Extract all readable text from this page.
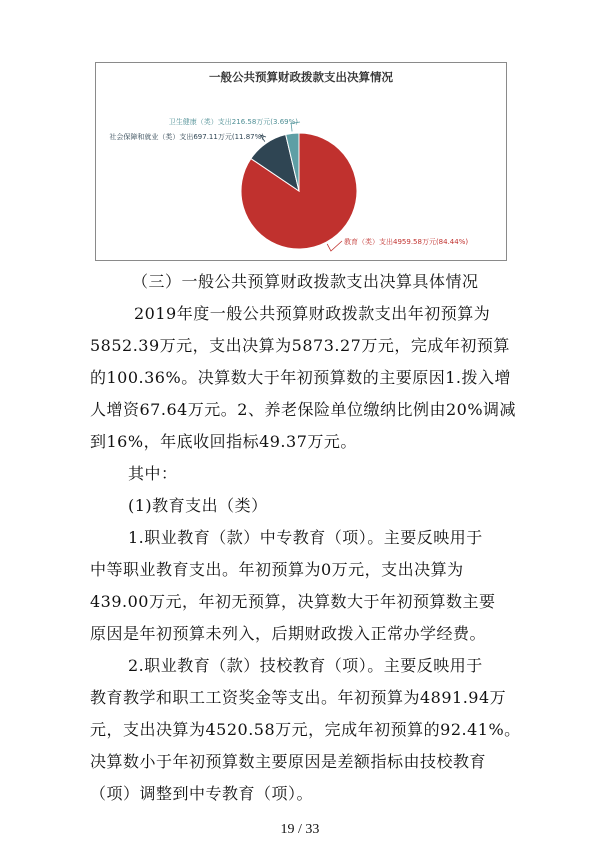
一般公共预算财政拨款支出决算情况
教育（类）支出4959.58万元(84.44%)
社会保障和就业（类）支出697.11万元(11.87%)
卫生健康（类）支出216.58万元(3.69%)
（三）一般公共预算财政拨款支出决算具体情况
2019年度一般公共预算财政拨款支出年初预算为
5852.39万元，支出决算为5873.27万元，完成年初预算
的100.36%。决算数大于年初预算数的主要原因1.拨入增
人增资67.64万元。2、养老保险单位缴纳比例由20%调减
到16%，年底收回指标49.37万元。
其中：
(1)教育支出（类）
1.职业教育（款）中专教育（项）。主要反映用于
中等职业教育支出。年初预算为0万元，支出决算为
439.00万元，年初无预算，决算数大于年初预算数主要
原因是年初预算未列入，后期财政拨入正常办学经费。
2.职业教育（款）技校教育（项）。主要反映用于
教育教学和职工工资奖金等支出。年初预算为4891.94万
元，支出决算为4520.58万元，完成年初预算的92.41%。
决算数小于年初预算数主要原因是差额指标由技校教育
（项）调整到中专教育（项）。
19 / 33
